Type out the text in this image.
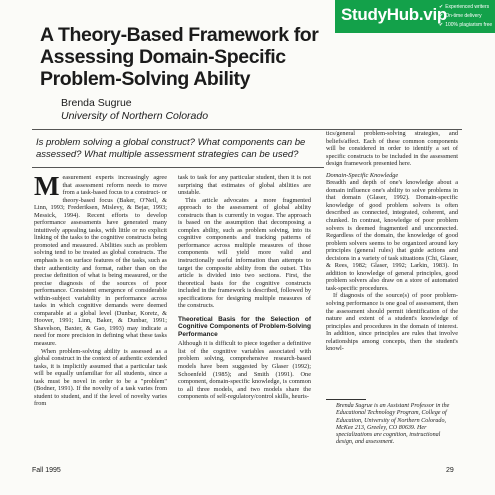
A Theory-Based Framework for
Assessing Domain-Specific
Problem-Solving Ability
StudyHub.vip
✔ Experienced writers
✔ On-time delivery
✔ 100% plagiarism free
Brenda Sugrue
University of Northern Colorado
Is problem solving a global construct? What components can be assessed? What multiple assessment strategies can be used?
M easurement experts increasingly agree that assessment reform needs to move from a task-based focus to a construct- or theory-based focus (Baker, O'Neil, & Linn, 1993; Frederiksen, Mislevy, & Bejar, 1993; Messick, 1994). Recent efforts to develop performance assessments have generated many intuitively appealing tasks, with little or no explicit linking of the tasks to the cognitive constructs being promoted and measured. Abilities such as problem solving tend to be treated as global constructs. The emphasis is on surface features of the tasks, such as their authenticity and format, rather than on the precise definition of what is being measured, or the precise diagnosis of the sources of poor performance. Consistent emergence of considerable within-subject variability in performance across tasks in which cognitive demands were deemed comparable at a global level (Dunbar, Koretz, & Hoover, 1991; Linn, Baker, & Dunbar, 1991; Shavelson, Baxter, & Gao, 1993) may indicate a need for more precision in defining what these tasks measure.

When problem-solving ability is assessed as a global construct in the context of authentic extended tasks, it is implicitly assumed that a particular task will be equally unfamiliar for all students, since a task must be novel in order to be a "problem" (Bodner, 1991). If the novelty of a task varies from student to student, and if the level of novelty varies from

task to task for any particular student, then it is not surprising that estimates of global abilities are unstable.

This article advocates a more fragmented approach to the assessment of global ability constructs than is currently in vogue. The approach is based on the assumption that decomposing a complex ability, such as problem solving, into its cognitive components and tracking patterns of performance across multiple measures of those components will yield more valid and instructionally useful information than attempts to target the composite ability from the outset. This article is divided into two sections. First, the theoretical basis for the cognitive constructs included in the framework is described, followed by specifications for designing multiple measures of the constructs.

Theoretical Basis for the Selection of Cognitive Components of Problem-Solving Performance

Although it is difficult to piece together a definitive list of the cognitive variables associated with problem solving, comprehensive research-based models have been suggested by Glaser (1992); Schoenfeld (1985); and Smith (1991). One component, domain-specific knowledge, is common to all three models, and two models share the components of self-regulatory/control skills, heuris-

tics/general problem-solving strategies, and beliefs/affect. Each of these common components will be considered in order to identify a set of specific constructs to be included in the assessment design framework presented here.

Domain-Specific Knowledge

Breadth and depth of one's knowledge about a domain influence one's ability to solve problems in that domain (Glaser, 1992). Domain-specific knowledge of good problem solvers is often described as connected, integrated, coherent, and chunked. In contrast, knowledge of poor problem solvers is deemed fragmented and unconnected. Regardless of the domain, the knowledge of good problem solvers seems to be organized around key principles (general rules) that guide actions and decisions in a variety of task situations (Chi, Glaser, & Rees, 1982; Glaser, 1992; Larkin, 1983). In addition to knowledge of general principles, good problem solvers also draw on a store of automated task-specific procedures.

If diagnosis of the source(s) of poor problem-solving performance is one goal of assessment, then the assessment should permit identification of the nature and extent of a student's knowledge of principles and procedures in the domain of interest. In addition, since principles are rules that involve relationships among concepts, then the student's knowl-

Brenda Sugrue is an Assistant Professor in the Educational Technology Program, College of Education, University of Northern Colorado, McKee 213, Greeley, CO 80639. Her specializations are cognition, instructional design, and assessment.
Fall 1995	29
